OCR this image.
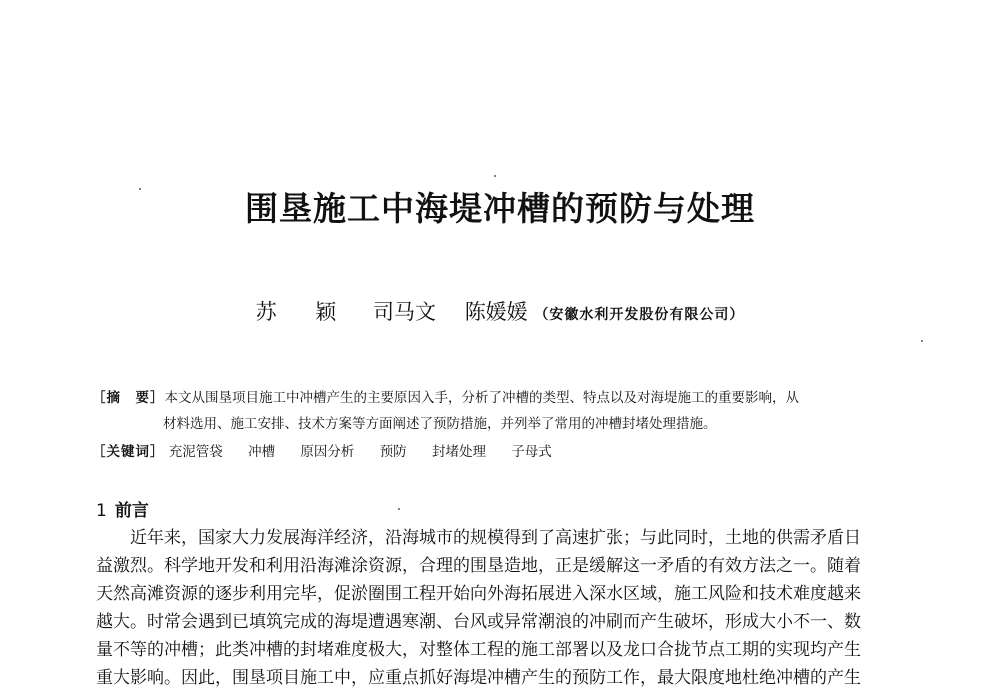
围垦施工中海堤冲槽的预防与处理
苏 颖 司马文 陈媛媛 （安徽水利开发股份有限公司）
［摘　要］本文从围垦项目施工中冲槽产生的主要原因入手，分析了冲槽的类型、特点以及对海堤施工的重要影响，从
材料选用、施工安排、技术方案等方面阐述了预防措施，并列举了常用的冲槽封堵处理措施。
［关键词］ 充泥管袋 冲槽 原因分析 预防 封堵处理 子母式
1 前言
近年来，国家大力发展海洋经济，沿海城市的规模得到了高速扩张；与此同时，土地的供需矛盾日
益激烈。科学地开发和利用沿海滩涂资源，合理的围垦造地，正是缓解这一矛盾的有效方法之一。随着
天然高滩资源的逐步利用完毕，促淤圈围工程开始向外海拓展进入深水区域，施工风险和技术难度越来
越大。时常会遇到已填筑完成的海堤遭遇寒潮、台风或异常潮浪的冲刷而产生破坏，形成大小不一、数
量不等的冲槽；此类冲槽的封堵难度极大，对整体工程的施工部署以及龙口合拢节点工期的实现均产生
重大影响。因此，围垦项目施工中，应重点抓好海堤冲槽产生的预防工作，最大限度地杜绝冲槽的产生
